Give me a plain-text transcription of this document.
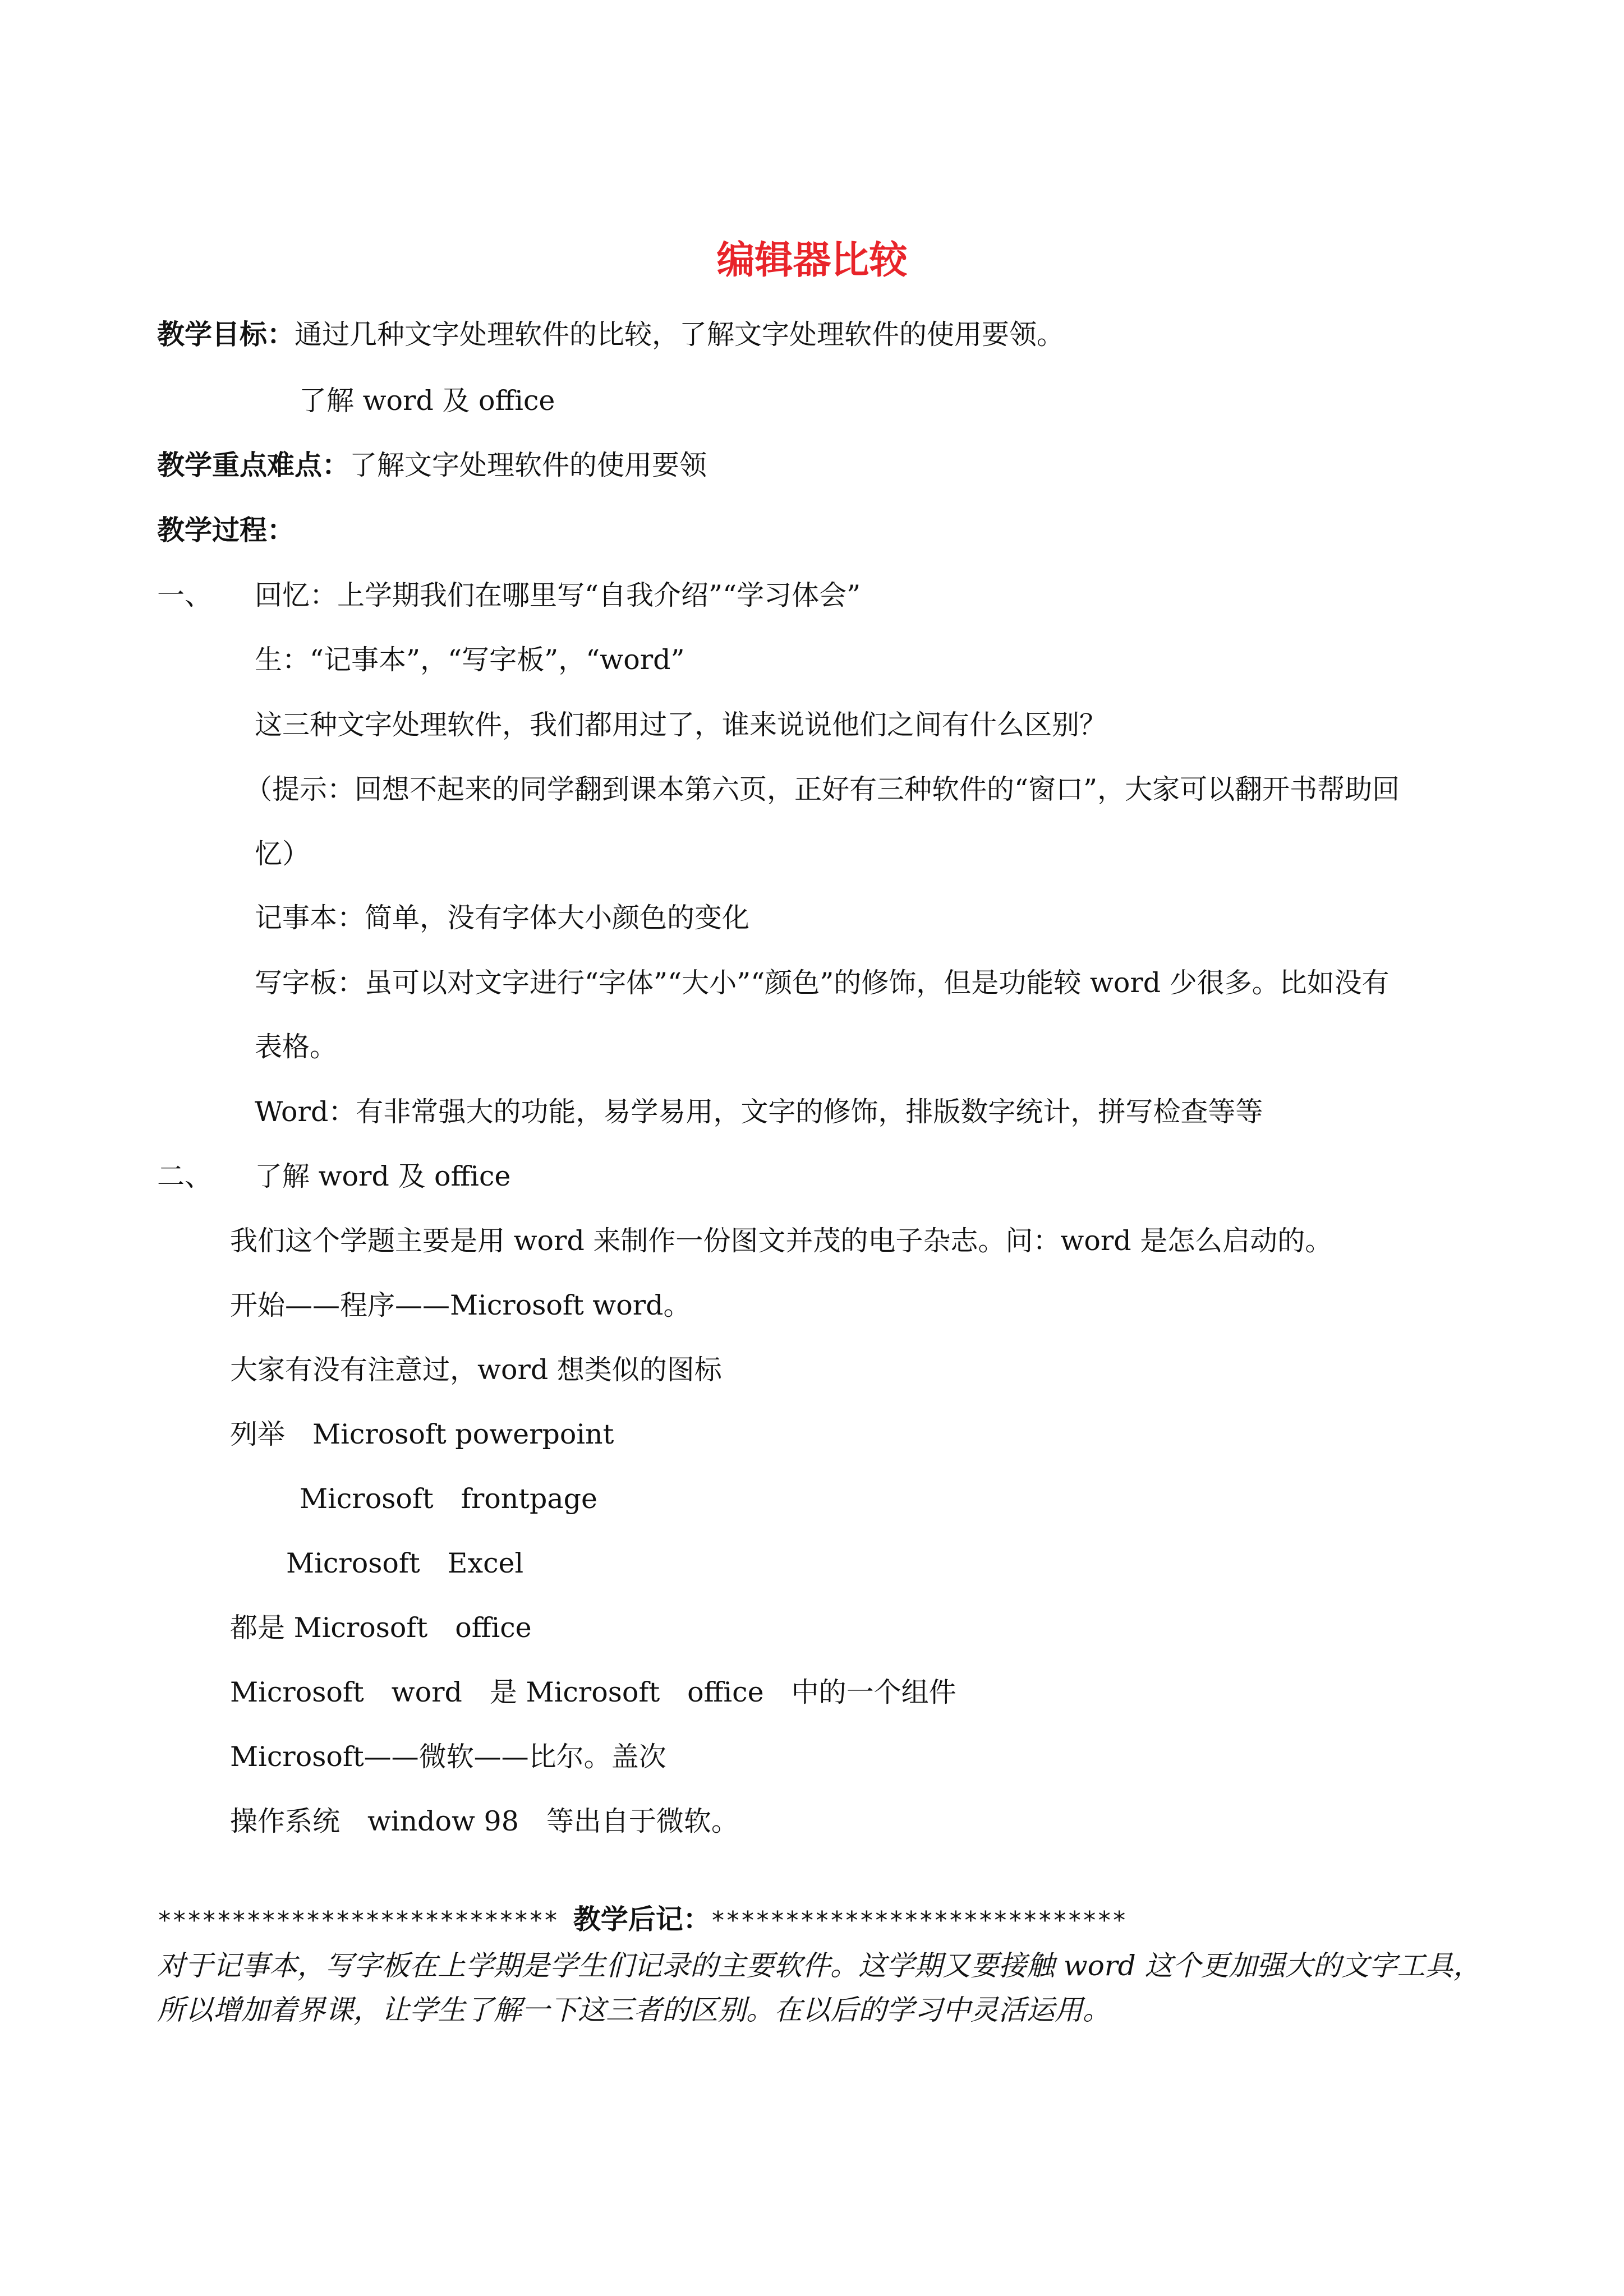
编辑器比较
教学目标：通过几种文字处理软件的比较，了解文字处理软件的使用要领。
了解 word 及 office
教学重点难点：了解文字处理软件的使用要领
教学过程：
一、 回忆：上学期我们在哪里写“自我介绍”“学习体会”
生：“记事本”，“写字板”，“word”
这三种文字处理软件，我们都用过了，谁来说说他们之间有什么区别？
（提示：回想不起来的同学翻到课本第六页，正好有三种软件的“窗口”，大家可以翻开书帮助回
忆）
记事本：简单，没有字体大小颜色的变化
写字板：虽可以对文字进行“字体”“大小”“颜色”的修饰，但是功能较 word 少很多。比如没有
表格。
Word：有非常强大的功能，易学易用，文字的修饰，排版数字统计，拼写检查等等
二、 了解 word 及 office
我们这个学题主要是用 word 来制作一份图文并茂的电子杂志。问：word 是怎么启动的。
开始——程序——Microsoft word。
大家有没有注意过，word 想类似的图标
列举　Microsoft powerpoint
Microsoft　frontpage
Microsoft　Excel
都是 Microsoft　office
Microsoft　word　是 Microsoft　office　中的一个组件
Microsoft——微软——比尔。盖次
操作系统　window 98　等出自于微软。
*************************** 教学后记：****************************
对于记事本，写字板在上学期是学生们记录的主要软件。这学期又要接触 word 这个更加强大的文字工具，
所以增加着界课，让学生了解一下这三者的区别。在以后的学习中灵活运用。
